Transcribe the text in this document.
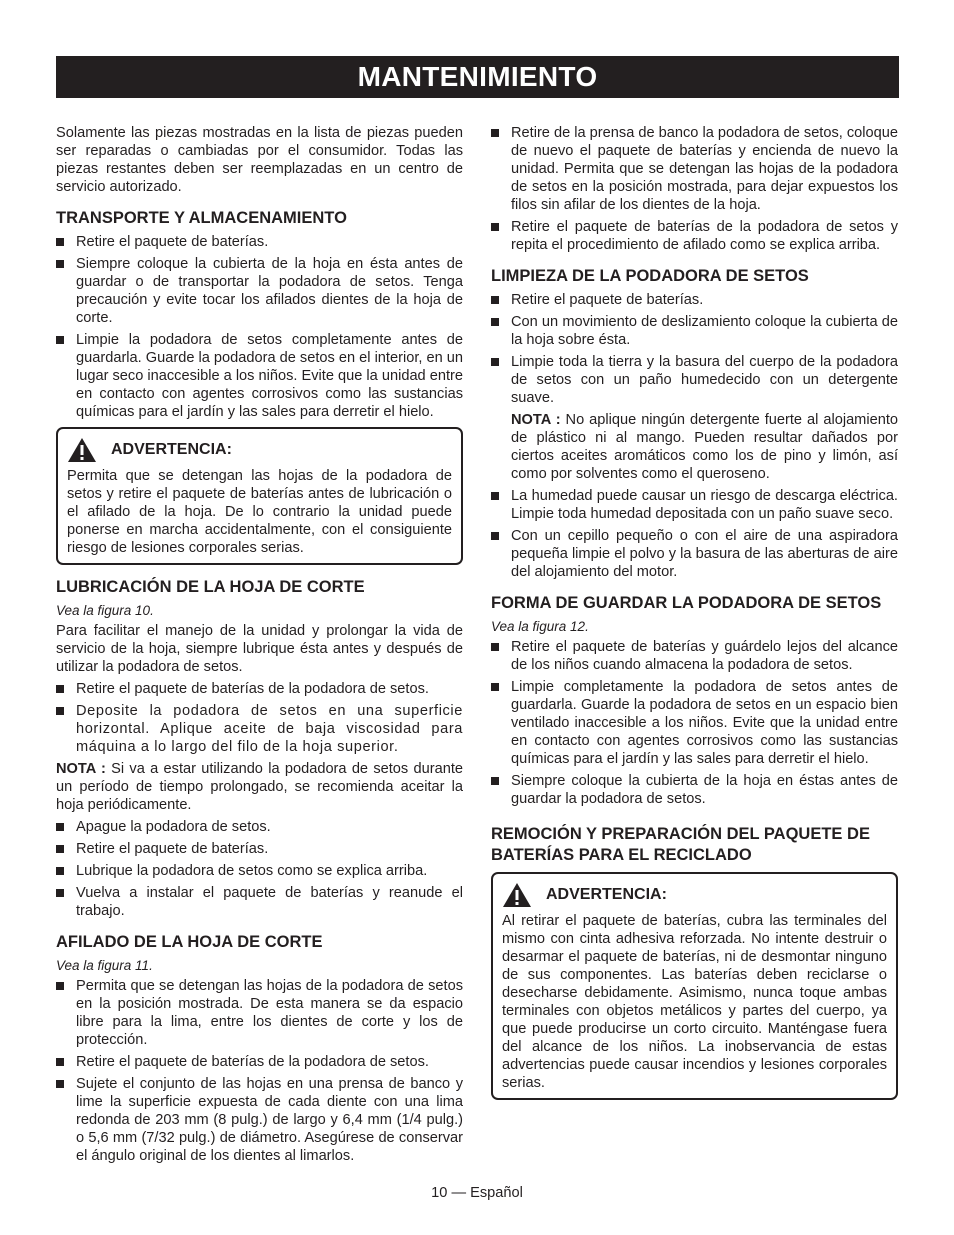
MANTENIMIENTO

Solamente las piezas mostradas en la lista de piezas pueden ser reparadas o cambiadas por el consumidor. Todas las piezas restantes deben ser reemplazadas en un centro de servicio autorizado.

TRANSPORTE Y ALMACENAMIENTO
Retire el paquete de baterías.
Siempre coloque la cubierta de la hoja en ésta antes de guardar o de transportar la podadora de setos. Tenga precaución y evite tocar los afilados dientes de la hoja de corte.
Limpie la podadora de setos completamente antes de guardarla. Guarde la podadora de setos en el interior, en un lugar seco inaccesible a los niños. Evite que la unidad entre en contacto con agentes corrosivos como las sustancias químicas para el jardín y las sales para derretir el hielo.
ADVERTENCIA:

Permita que se detengan las hojas de la podadora de setos y retire el paquete de baterías antes de lubricación o el afilado de la hoja. De lo contrario la unidad puede ponerse en marcha accidentalmente, con el consiguiente riesgo de lesiones corporales serias.

LUBRICACIÓN DE LA HOJA DE CORTE
Vea la figura 10.

Para facilitar el manejo de la unidad y prolongar la vida de servicio de la hoja, siempre lubrique ésta antes y después de utilizar la podadora de setos.

Retire el paquete de baterías de la podadora de setos.
Deposite la podadora de setos en una superficie horizontal. Aplique aceite de baja viscosidad para máquina a lo largo del filo de la hoja superior.

NOTA : Si va a estar utilizando la podadora de setos durante un período de tiempo prolongado, se recomienda aceitar la hoja periódicamente.

Apague la podadora de setos.
Retire el paquete de baterías.
Lubrique la podadora de setos como se explica arriba.
Vuelva a instalar el paquete de baterías y reanude el trabajo.
AFILADO DE LA HOJA DE CORTE
Vea la figura 11.
Permita que se detengan las hojas de la podadora de setos en la posición mostrada. De esta manera se da espacio libre para la lima, entre los dientes de corte y los de protección.
Retire el paquete de baterías de la podadora de setos.
Sujete el conjunto de las hojas en una prensa de banco y lime la superficie expuesta de cada diente con una lima redonda de 203 mm (8 pulg.) de largo y 6,4 mm (1/4 pulg.) o 5,6 mm (7/32 pulg.) de diámetro. Asegúrese de conservar el ángulo original de los dientes al limarlos.
Retire de la prensa de banco la podadora de setos, coloque de nuevo el paquete de baterías y encienda de nuevo la unidad. Permita que se detengan las hojas de la podadora de setos en la posición mostrada, para dejar expuestos los filos sin afilar de los dientes de la hoja.
Retire el paquete de baterías de la podadora de setos y repita el procedimiento de afilado como se explica arriba.
LIMPIEZA DE LA PODADORA DE SETOS
Retire el paquete de baterías.
Con un movimiento de deslizamiento coloque la cubierta de la hoja sobre ésta.
Limpie toda la tierra y la basura del cuerpo de la podadora de setos con un paño humedecido con un detergente suave.
NOTA : No aplique ningún detergente fuerte al alojamiento de plástico ni al mango. Pueden resultar dañados por ciertos aceites aromáticos como los de pino y limón, así como por solventes como el queroseno.
La humedad puede causar un riesgo de descarga eléctrica. Limpie toda humedad depositada con un paño suave seco.
Con un cepillo pequeño o con el aire de una aspiradora pequeña limpie el polvo y la basura de las aberturas de aire del alojamiento del motor.
FORMA DE GUARDAR LA PODADORA DE SETOS
Vea la figura 12.
Retire el paquete de baterías y guárdelo lejos del alcance de los niños cuando almacena la podadora de setos.
Limpie completamente la podadora de setos antes de guardarla. Guarde la podadora de setos en un espacio bien ventilado inaccesible a los niños. Evite que la unidad entre en contacto con agentes corrosivos como las sustancias químicas para el jardín y las sales para derretir el hielo.
Siempre coloque la cubierta de la hoja en éstas antes de guardar la podadora de setos.
REMOCIÓN Y PREPARACIÓN DEL PAQUETE DE BATERÍAS PARA EL RECICLADO
ADVERTENCIA:

Al retirar el paquete de baterías, cubra las terminales del mismo con cinta adhesiva reforzada. No intente destruir o desarmar el paquete de baterías, ni de desmontar ninguno de sus componentes. Las baterías deben reciclarse o desecharse debidamente. Asimismo, nunca toque ambas terminales con objetos metálicos y partes del cuerpo, ya que puede producirse un corto circuito. Manténgase fuera del alcance de los niños. La inobservancia de estas advertencias puede causar incendios y lesiones corporales serias.

10 — Español
